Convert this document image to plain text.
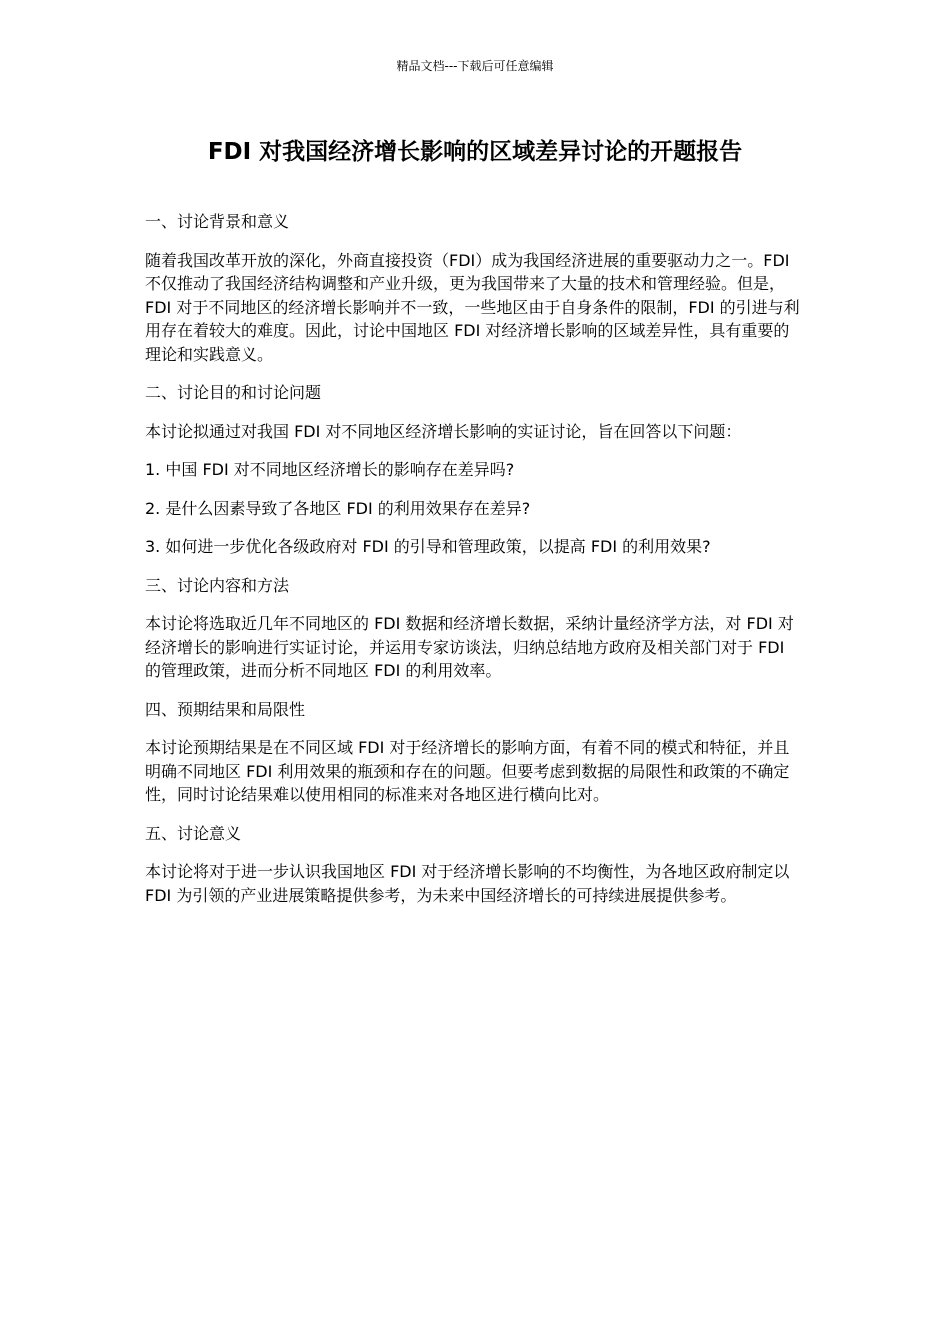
精品文档---下载后可任意编辑
FDI 对我国经济增长影响的区域差异讨论的开题报告

一、讨论背景和意义

随着我国改革开放的深化，外商直接投资（FDI）成为我国经济进展的重要驱动力之一。FDI 不仅推动了我国经济结构调整和产业升级，更为我国带来了大量的技术和管理经验。但是，FDI 对于不同地区的经济增长影响并不一致，一些地区由于自身条件的限制，FDI 的引进与利用存在着较大的难度。因此，讨论中国地区 FDI 对经济增长影响的区域差异性，具有重要的理论和实践意义。

二、讨论目的和讨论问题

本讨论拟通过对我国 FDI 对不同地区经济增长影响的实证讨论，旨在回答以下问题：

1. 中国 FDI 对不同地区经济增长的影响存在差异吗?

2. 是什么因素导致了各地区 FDI 的利用效果存在差异?

3. 如何进一步优化各级政府对 FDI 的引导和管理政策，以提高 FDI 的利用效果?

三、讨论内容和方法

本讨论将选取近几年不同地区的 FDI 数据和经济增长数据，采纳计量经济学方法，对 FDI 对经济增长的影响进行实证讨论，并运用专家访谈法，归纳总结地方政府及相关部门对于 FDI 的管理政策，进而分析不同地区 FDI 的利用效率。

四、预期结果和局限性

本讨论预期结果是在不同区域 FDI 对于经济增长的影响方面，有着不同的模式和特征，并且明确不同地区 FDI 利用效果的瓶颈和存在的问题。但要考虑到数据的局限性和政策的不确定性，同时讨论结果难以使用相同的标准来对各地区进行横向比对。

五、讨论意义

本讨论将对于进一步认识我国地区 FDI 对于经济增长影响的不均衡性，为各地区政府制定以 FDI 为引领的产业进展策略提供参考，为未来中国经济增长的可持续进展提供参考。
